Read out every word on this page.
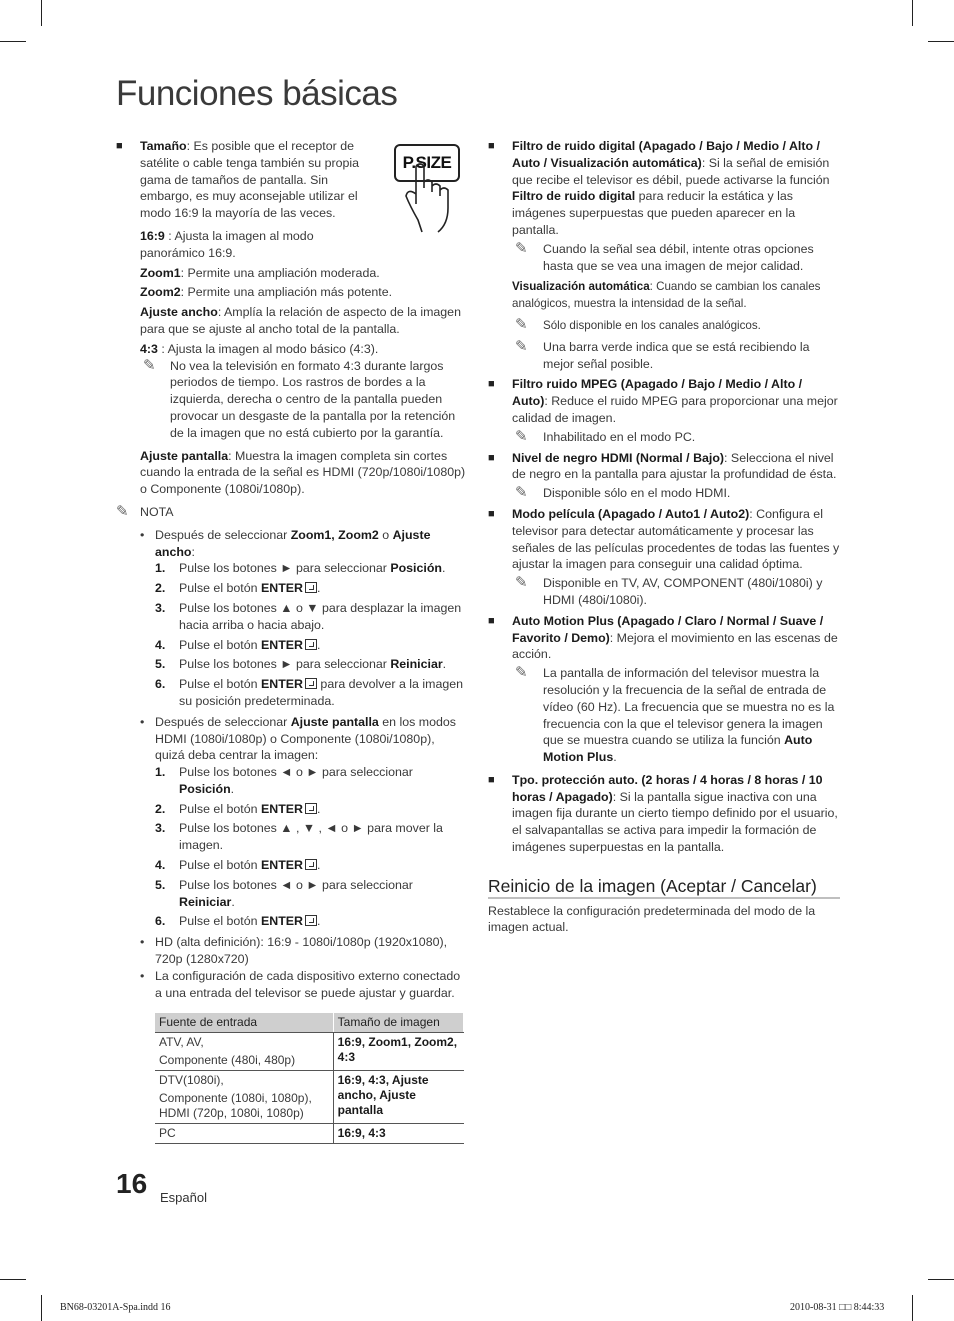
Funciones básicas
P.SIZE
■ Tamaño: Es posible que el receptor de satélite o cable tenga también su propia gama de tamaños de pantalla. Sin embargo, es muy aconsejable utilizar el modo 16:9 la mayoría de las veces.
16:9 : Ajusta la imagen al modo panorámico 16:9.
Zoom1: Permite una ampliación moderada.
Zoom2: Permite una ampliación más potente.
Ajuste ancho: Amplía la relación de aspecto de la imagen para que se ajuste al ancho total de la pantalla.
4:3 : Ajusta la imagen al modo básico (4:3).
✎ No vea la televisión en formato 4:3 durante largos periodos de tiempo. Los rastros de bordes a la izquierda, derecha o centro de la pantalla pueden provocar un desgaste de la pantalla por la retención de la imagen que no está cubierto por la garantía.
Ajuste pantalla: Muestra la imagen completa sin cortes cuando la entrada de la señal es HDMI (720p/1080i/1080p) o Componente (1080i/1080p).
✎ NOTA
• Después de seleccionar Zoom1, Zoom2 o Ajuste ancho:
1. Pulse los botones ► para seleccionar Posición.
2. Pulse el botón ENTER .
3. Pulse los botones ▲ o ▼ para desplazar la imagen hacia arriba o hacia abajo.
4. Pulse el botón ENTER .
5. Pulse los botones ► para seleccionar Reiniciar.
6. Pulse el botón ENTER para devolver a la imagen su posición predeterminada.
• Después de seleccionar Ajuste pantalla en los modos HDMI (1080i/1080p) o Componente (1080i/1080p), quizá deba centrar la imagen:
1. Pulse los botones ◄ o ► para seleccionar Posición.
2. Pulse el botón ENTER .
3. Pulse los botones ▲ , ▼ , ◄ o ► para mover la imagen.
4. Pulse el botón ENTER .
5. Pulse los botones ◄ o ► para seleccionar Reiniciar.
6. Pulse el botón ENTER .
• HD (alta definición): 16:9 - 1080i/1080p (1920x1080), 720p (1280x720)
• La configuración de cada dispositivo externo conectado a una entrada del televisor se puede ajustar y guardar.
Fuente de entrada	Tamaño de imagen

ATV, AV,
Componente (480i, 480p)	16:9, Zoom1, Zoom2, 4:3

DTV(1080i),
Componente (1080i, 1080p), HDMI (720p, 1080i, 1080p)	16:9, 4:3, Ajuste ancho, Ajuste pantalla

PC	16:9, 4:3
■ Filtro de ruido digital (Apagado / Bajo / Medio / Alto / Auto / Visualización automática): Si la señal de emisión que recibe el televisor es débil, puede activarse la función Filtro de ruido digital para reducir la estática y las imágenes superpuestas que pueden aparecer en la pantalla.
✎ Cuando la señal sea débil, intente otras opciones hasta que se vea una imagen de mejor calidad.
Visualización automática: Cuando se cambian los canales analógicos, muestra la intensidad de la señal.
✎ Sólo disponible en los canales analógicos.
✎ Una barra verde indica que se está recibiendo la mejor señal posible.
■ Filtro ruido MPEG (Apagado / Bajo / Medio / Alto / Auto): Reduce el ruido MPEG para proporcionar una mejor calidad de imagen.
✎ Inhabilitado en el modo PC.
■ Nivel de negro HDMI (Normal / Bajo): Selecciona el nivel de negro en la pantalla para ajustar la profundidad de ésta.
✎ Disponible sólo en el modo HDMI.
■ Modo película (Apagado / Auto1 / Auto2): Configura el televisor para detectar automáticamente y procesar las señales de las películas procedentes de todas las fuentes y ajustar la imagen para conseguir una calidad óptima.
✎ Disponible en TV, AV, COMPONENT (480i/1080i) y HDMI (480i/1080i).
■ Auto Motion Plus (Apagado / Claro / Normal / Suave / Favorito / Demo): Mejora el movimiento en las escenas de acción.
✎ La pantalla de información del televisor muestra la resolución y la frecuencia de la señal de entrada de vídeo (60 Hz). La frecuencia que se muestra no es la frecuencia con la que el televisor genera la imagen que se muestra cuando se utiliza la función Auto Motion Plus.
■ Tpo. protección auto. (2 horas / 4 horas / 8 horas / 10 horas / Apagado): Si la pantalla sigue inactiva con una imagen fija durante un cierto tiempo definido por el usuario, el salvapantallas se activa para impedir la formación de imágenes superpuestas en la pantalla.
Reinicio de la imagen (Aceptar / Cancelar)
Restablece la configuración predeterminada del modo de la imagen actual.
16 Español
BN68-03201A-Spa.indd 16	2010-08-31 □□ 8:44:33
